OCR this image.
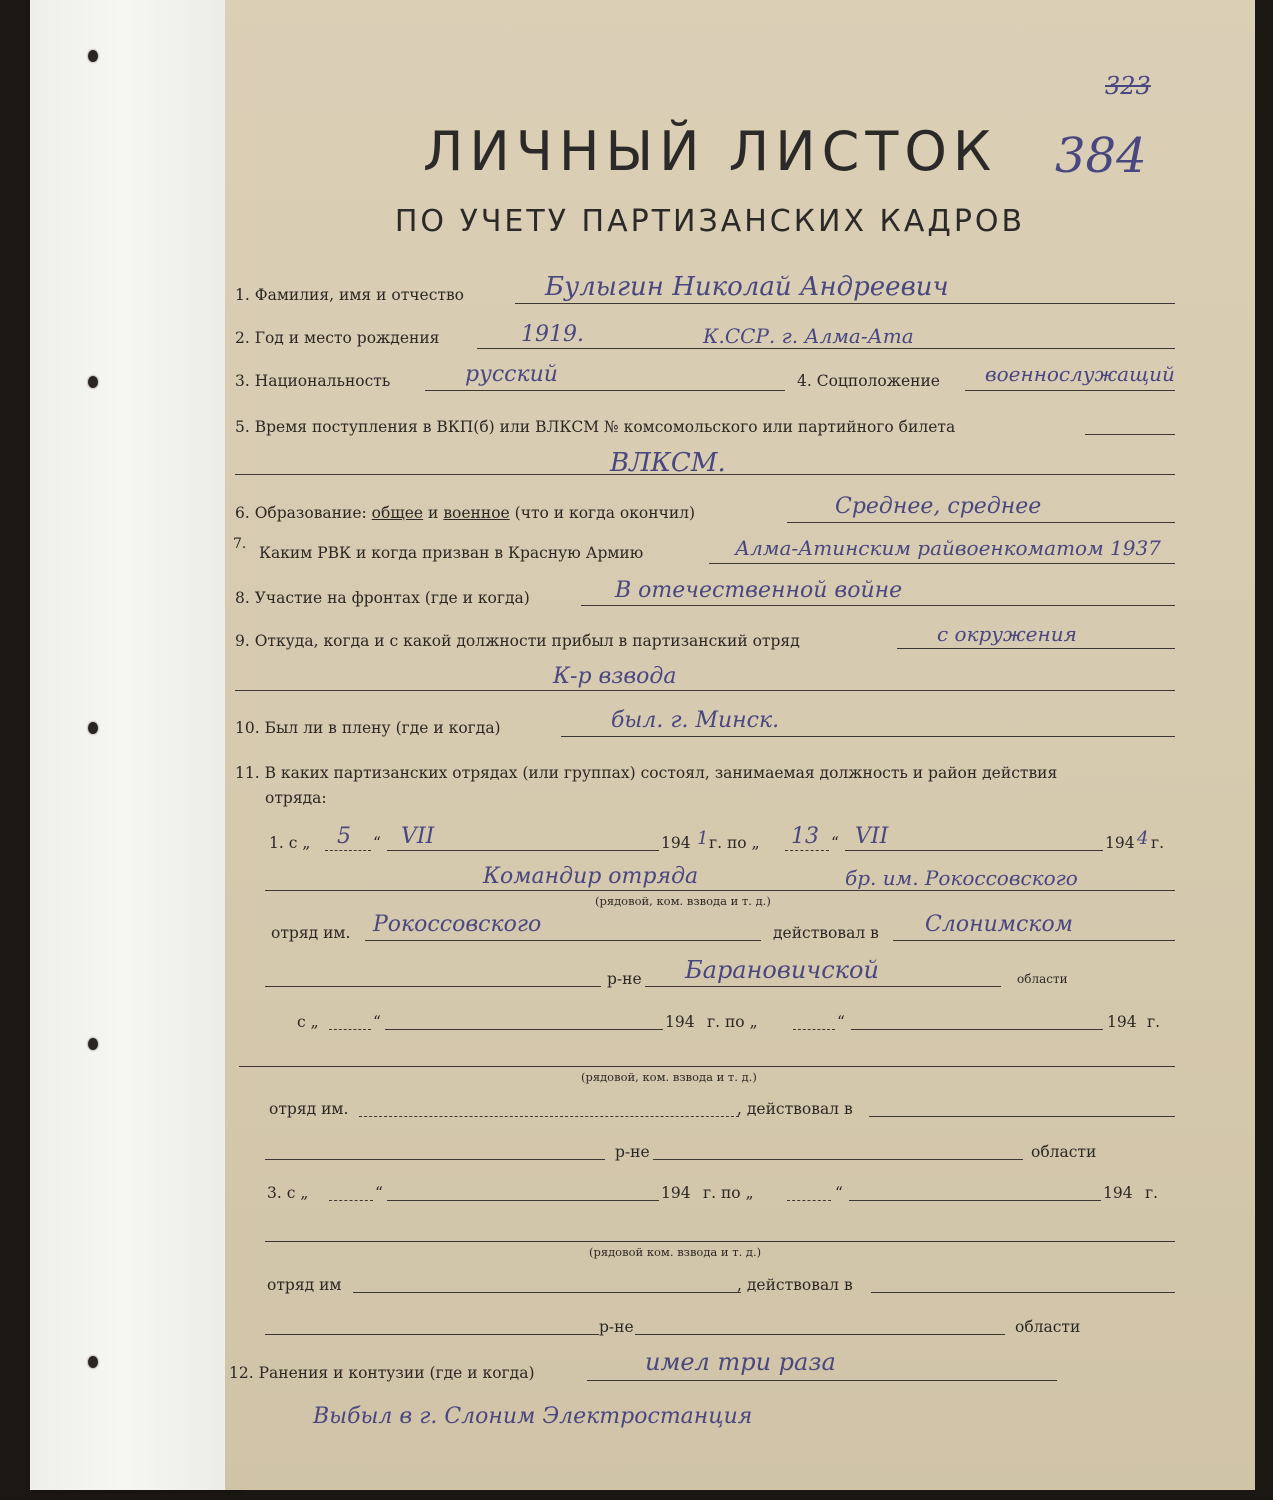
323
384
ЛИЧНЫЙ ЛИСТОК
ПО УЧЕТУ ПАРТИЗАНСКИХ КАДРОВ
1. Фамилия, имя и отчество	Булыгин Николай Андреевич
2. Год и место рождения	1919.	К.ССР. г. Алма-Ата
3. Национальность	русский	4. Соцположение военнослужащий
5. Время поступления в ВКП(б) или ВЛКСМ № комсомольского или партийного билета
ВЛКСМ.
6. Образование: общее и военное (что и когда окончил)	Среднее, среднее
7. Каким РВК и когда призван в Красную Армию	Алма-Атинским райвоенкоматом 1937
8. Участие на фронтах (где и когда)	В отечественной войне
9. Откуда, когда и с какой должности прибыл в партизанский отряд	с окружения
К-р взвода
10. Был ли в плену (где и когда)	был. г. Минск.
11. В каких партизанских отрядах (или группах) состоял, занимаемая должность и район действия
отряда:
1. с „ 5 “ VII	194 1 г. по „ 13 “ VII	194 4 г.
Командир отряда	бр. им. Рокоссовского
(рядовой, ком. взвода и т. д.)
отряд им. Рокоссовского	действовал в Слонимском
р-не Барановичской	области
с „	“	194 г. по „	“	194 г.
(рядовой, ком. взвода и т. д.)
отряд им.	, действовал в
р-не	области
3. с „	“	194 г. по „	“	194 г.
(рядовой ком. взвода и т. д.)
отряд им	, действовал в
р-не	области
12. Ранения и контузии (где и когда)	имел три раза
Выбыл в г. Слоним Электростанция
